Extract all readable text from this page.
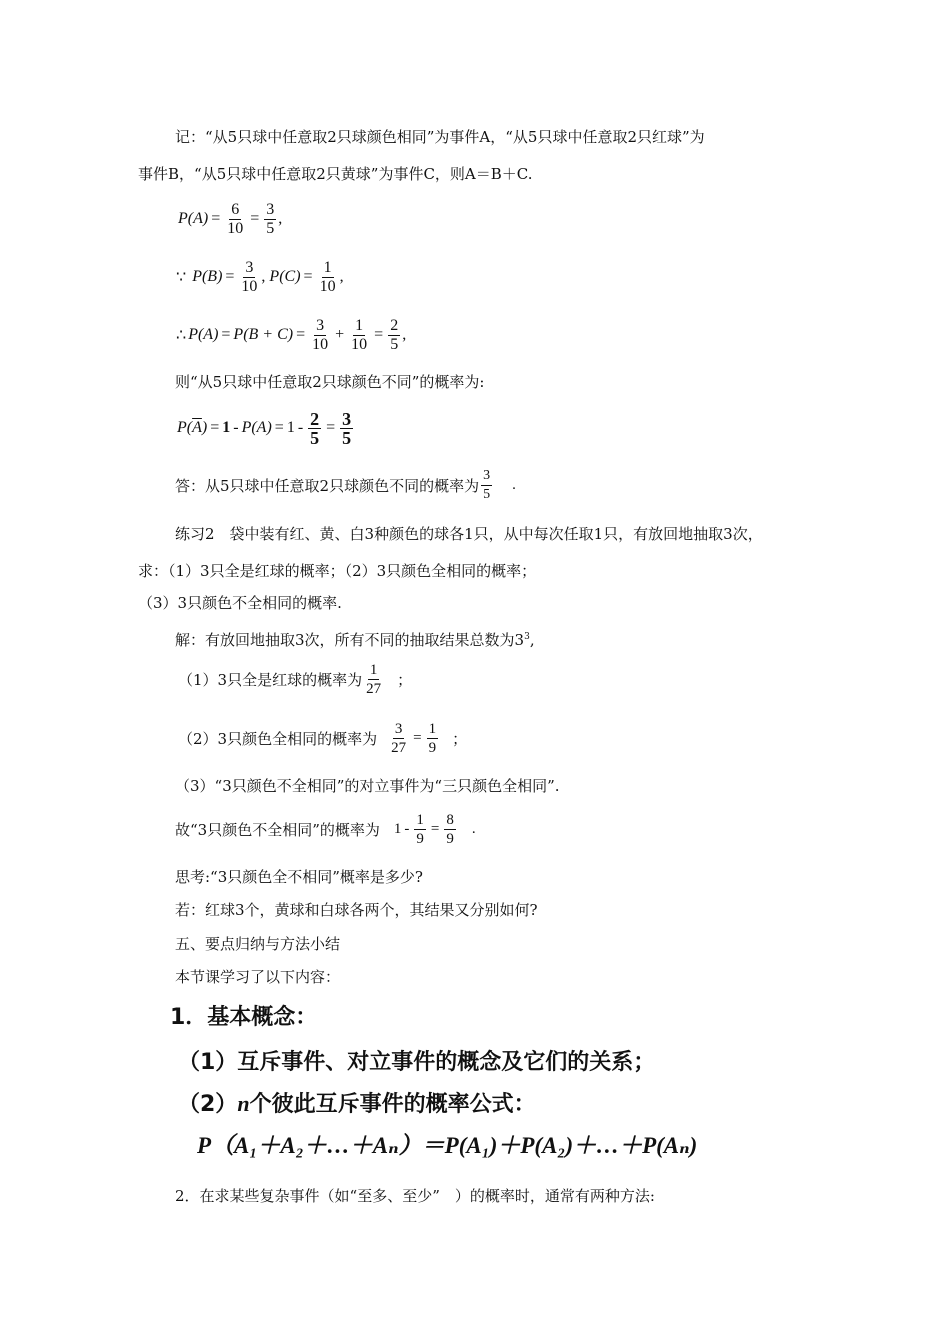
记：“从5只球中任意取2只球颜色相同”为事件A，“从5只球中任意取2只红球”为
事件B，“从5只球中任意取2只黄球”为事件C，则A＝B＋C.
$P(A) = \frac{6}{10} = \frac{3}{5}$ ,
∵ $P(B) = \frac{3}{10}$ , $P(C) = \frac{1}{10}$ ,
∴ $P(A) = P(B + C) = \frac{3}{10} + \frac{1}{10} = \frac{2}{5}$ ,
则“从5只球中任意取2只球颜色不同”的概率为:
P( $\overline{A}$ ) = $1 - P(A) = 1 - \frac{2}{5} = \frac{3}{5}$
答：从5只球中任意取2只球颜色不同的概率为 $\frac{3}{5}$ .
练习2　袋中装有红、黄、白3种颜色的球各1只，从中每次任取1只，有放回地抽取3次，
求：（1）3只全是红球的概率；（2）3只颜色全相同的概率；
（3）3只颜色不全相同的概率.
解：有放回地抽取3次，所有不同的抽取结果总数为$3^3$,
（1）3只全是红球的概率为 $\frac{1}{27}$ ；
（2）3只颜色全相同的概率为 $\frac{3}{27} = \frac{1}{9}$ ；
（3）“3只颜色不全相同”的对立事件为“三只颜色全相同”.
故“3只颜色不全相同”的概率为 $1 - \frac{1}{9} = \frac{8}{9}$ .
思考:“3只颜色全不相同”概率是多少?
若：红球3个，黄球和白球各两个，其结果又分别如何?
五、要点归纳与方法小结
本节课学习了以下内容：
1．基本概念：
（1）互斥事件、对立事件的概念及它们的关系；
（2）n个彼此互斥事件的概率公式：
P（A₁＋A₂＋…＋Aₙ）＝P(A₁)＋P(A₂)＋…＋P(Aₙ)
2．在求某些复杂事件（如“至多、至少”　）的概率时，通常有两种方法:
